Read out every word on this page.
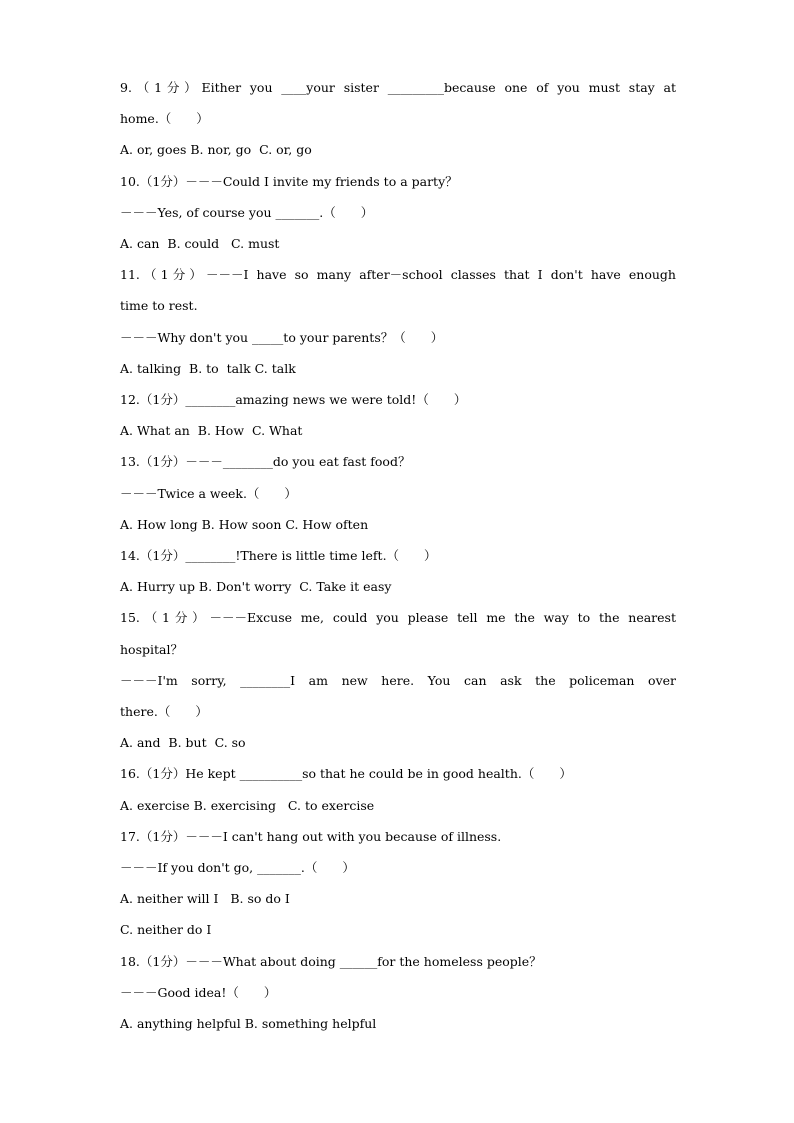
9.（1分）Either you ____your sister _________because one of you must stay at
home.（　　）
A. or, goes B. nor, go  C. or, go
10.（1分）－－－Could I invite my friends to a party？
－－－Yes, of course you _______.（　　）
A. can  B. could   C. must
11.（1分）－－－I have so many after－school classes that I don't have enough
time to rest.
－－－Why don't you _____to your parents？（　　）
A. talking  B. to  talk C. talk
12.（1分）________amazing news we were told!（　　）
A. What an  B. How  C. What
13.（1分）－－－________do you eat fast food？
－－－Twice a week.（　　）
A. How long B. How soon C. How often
14.（1分）________!There is little time left.（　　）
A. Hurry up B. Don't worry  C. Take it easy
15.（1分）－－－Excuse me, could you please tell me the way to the nearest
hospital？
－－－I'm sorry, ________I am new here. You can ask the policeman over
there.（　　）
A. and  B. but  C. so
16.（1分）He kept __________so that he could be in good health.（　　）
A. exercise B. exercising   C. to exercise
17.（1分）－－－I can't hang out with you because of illness.
－－－If you don't go, _______.（　　）
A. neither will I   B. so do I
C. neither do I
18.（1分）－－－What about doing ______for the homeless people？
－－－Good idea!（　　）
A. anything helpful B. something helpful
